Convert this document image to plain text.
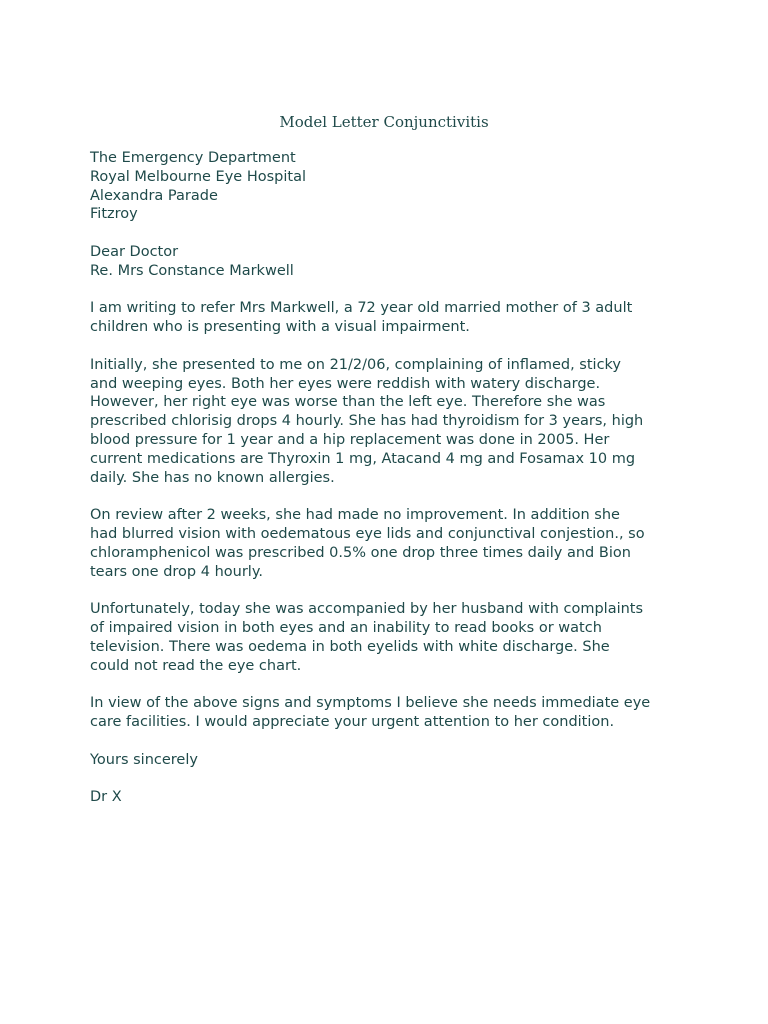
Model Letter Conjunctivitis
The Emergency Department
Royal Melbourne Eye Hospital
Alexandra Parade
Fitzroy
Dear Doctor
Re. Mrs Constance Markwell
I am writing to refer Mrs Markwell, a 72 year old married mother of 3 adult
children who is presenting with a visual impairment.
Initially, she presented to me on 21/2/06, complaining of inflamed, sticky
and weeping eyes. Both her eyes were reddish with watery discharge.
However, her right eye was worse than the left eye. Therefore she was
prescribed chlorisig drops 4 hourly. She has had thyroidism for 3 years, high
blood pressure for 1 year and a hip replacement was done in 2005. Her
current medications are Thyroxin 1 mg, Atacand 4 mg and Fosamax 10 mg
daily. She has no known allergies.
On review after 2 weeks, she had made no improvement. In addition she
had blurred vision with oedematous eye lids and conjunctival conjestion., so
chloramphenicol was prescribed 0.5% one drop three times daily and Bion
tears one drop 4 hourly.
Unfortunately, today she was accompanied by her husband with complaints
of impaired vision in both eyes and an inability to read books or watch
television. There was oedema in both eyelids with white discharge. She
could not read the eye chart.
In view of the above signs and symptoms I believe she needs immediate eye
care facilities. I would appreciate your urgent attention to her condition.
Yours sincerely
Dr X
